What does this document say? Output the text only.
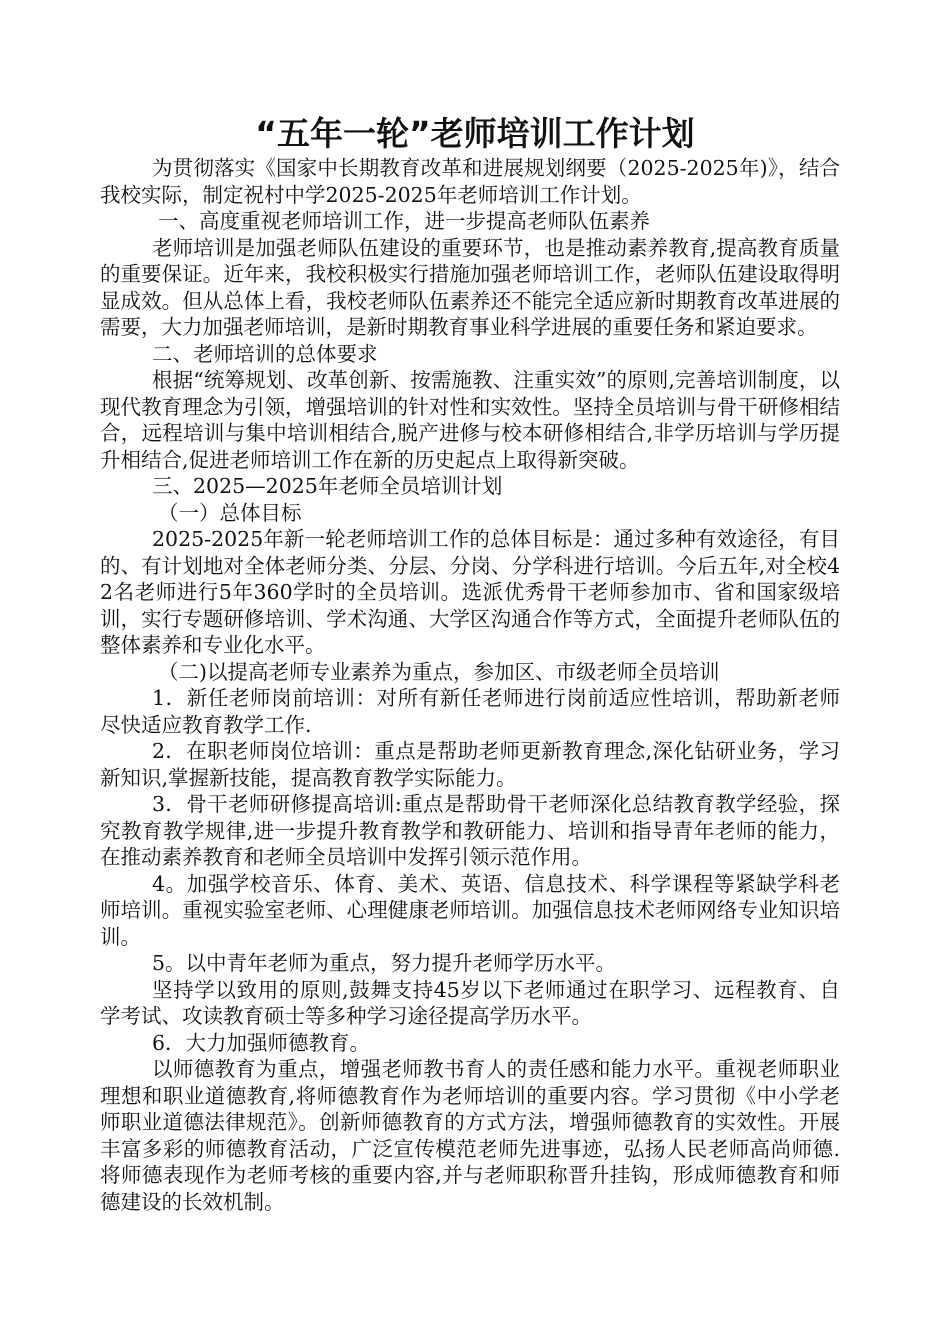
“五年一轮”老师培训工作计划

为贯彻落实《国家中长期教育改革和进展规划纲要（2025-2025年)》，结合我校实际，制定祝村中学2025-2025年老师培训工作计划。

一、高度重视老师培训工作，进一步提高老师队伍素养

老师培训是加强老师队伍建设的重要环节，也是推动素养教育,提高教育质量的重要保证。近年来，我校积极实行措施加强老师培训工作，老师队伍建设取得明显成效。但从总体上看，我校老师队伍素养还不能完全适应新时期教育改革进展的需要，大力加强老师培训，是新时期教育事业科学进展的重要任务和紧迫要求。

二、老师培训的总体要求

根据“统筹规划、改革创新、按需施教、注重实效”的原则,完善培训制度，以现代教育理念为引领，增强培训的针对性和实效性。坚持全员培训与骨干研修相结合，远程培训与集中培训相结合,脱产进修与校本研修相结合,非学历培训与学历提升相结合,促进老师培训工作在新的历史起点上取得新突破。

三、2025—2025年老师全员培训计划

（一）总体目标

2025-2025年新一轮老师培训工作的总体目标是：通过多种有效途径，有目的、有计划地对全体老师分类、分层、分岗、分学科进行培训。今后五年,对全校42名老师进行5年360学时的全员培训。选派优秀骨干老师参加市、省和国家级培训，实行专题研修培训、学术沟通、大学区沟通合作等方式，全面提升老师队伍的整体素养和专业化水平。

（二)以提高老师专业素养为重点，参加区、市级老师全员培训

1．新任老师岗前培训：对所有新任老师进行岗前适应性培训，帮助新老师尽快适应教育教学工作.

2．在职老师岗位培训：重点是帮助老师更新教育理念,深化钻研业务，学习新知识,掌握新技能，提高教育教学实际能力。

3．骨干老师研修提高培训:重点是帮助骨干老师深化总结教育教学经验，探究教育教学规律,进一步提升教育教学和教研能力、培训和指导青年老师的能力，在推动素养教育和老师全员培训中发挥引领示范作用。

4。加强学校音乐、体育、美术、英语、信息技术、科学课程等紧缺学科老师培训。重视实验室老师、心理健康老师培训。加强信息技术老师网络专业知识培训。

5。以中青年老师为重点，努力提升老师学历水平。

坚持学以致用的原则,鼓舞支持45岁以下老师通过在职学习、远程教育、自学考试、攻读教育硕士等多种学习途径提高学历水平。

6．大力加强师德教育。

以师德教育为重点，增强老师教书育人的责任感和能力水平。重视老师职业理想和职业道德教育,将师德教育作为老师培训的重要内容。学习贯彻《中小学老师职业道德法律规范》。创新师德教育的方式方法，增强师德教育的实效性。开展丰富多彩的师德教育活动，广泛宣传模范老师先进事迹，弘扬人民老师高尚师德.将师德表现作为老师考核的重要内容,并与老师职称晋升挂钩，形成师德教育和师德建设的长效机制。
